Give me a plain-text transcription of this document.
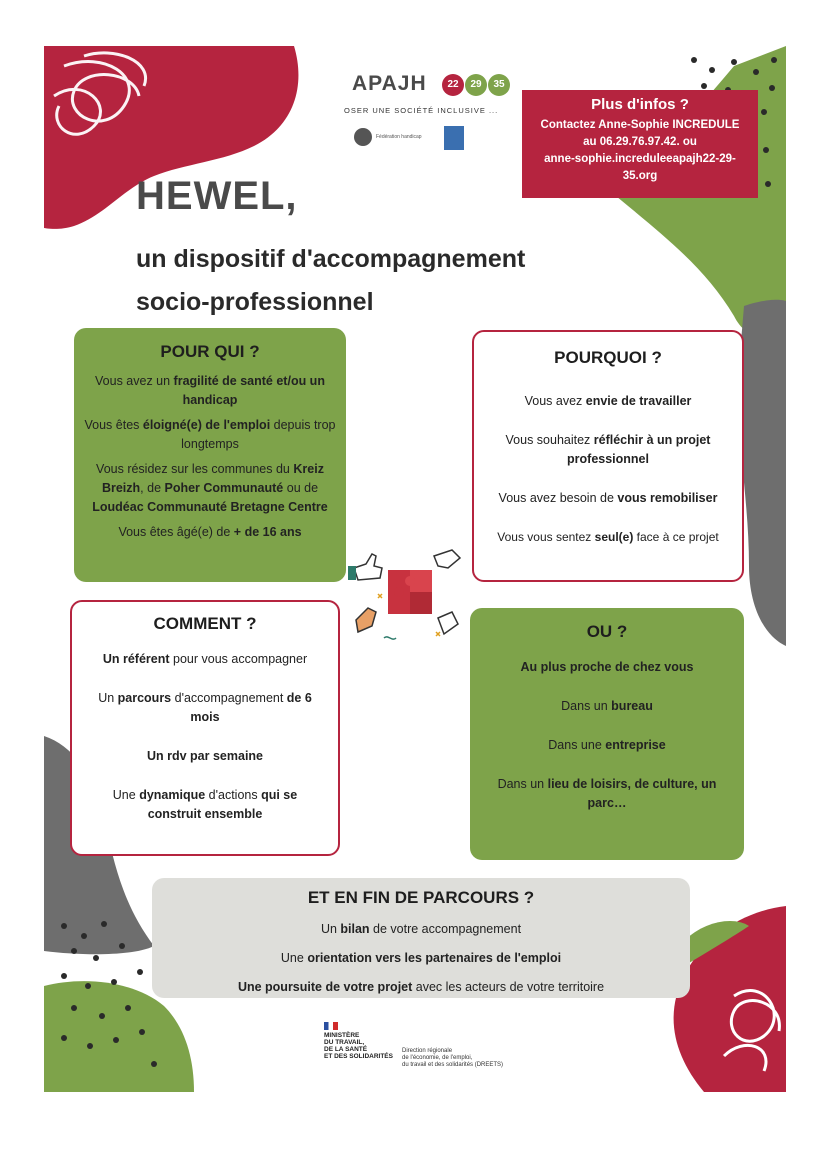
APAJH	22	29	35
OSER UNE SOCIÉTÉ INCLUSIVE ...
Fédération handicap
Plus d'infos ?
Contactez Anne-Sophie INCREDULE
au 06.29.76.97.42. ou
anne-sophie.increduleeapajh22-29-
35.org
HEWEL,
un dispositif d'accompagnement
socio-professionnel
POUR QUI ?

Vous avez un fragilité de santé et/ou un handicap

Vous êtes éloigné(e) de l'emploi depuis trop longtemps

Vous résidez sur les communes du Kreiz Breizh, de Poher Communauté ou de Loudéac Communauté Bretagne Centre

Vous êtes âgé(e) de + de 16 ans

POURQUOI ?

Vous avez envie de travailler

Vous souhaitez réfléchir à un projet professionnel

Vous avez besoin de vous remobiliser

Vous vous sentez seul(e) face à ce projet

COMMENT ?

Un référent pour vous accompagner

Un parcours d'accompagnement de 6 mois

Un rdv par semaine

Une dynamique d'actions qui se construit ensemble

OU ?

Au plus proche de chez vous

Dans un bureau

Dans une entreprise

Dans un lieu de loisirs, de culture, un parc…

ET EN FIN DE PARCOURS ?

Un bilan de votre accompagnement

Une orientation vers les partenaires de l'emploi

Une poursuite de votre projet avec les acteurs de votre territoire

MINISTÈRE
DU TRAVAIL,
DE LA SANTÉ
ET DES SOLIDARITÉS
Direction régionale
de l'économie, de l'emploi,
du travail et des solidarités (DREETS)
